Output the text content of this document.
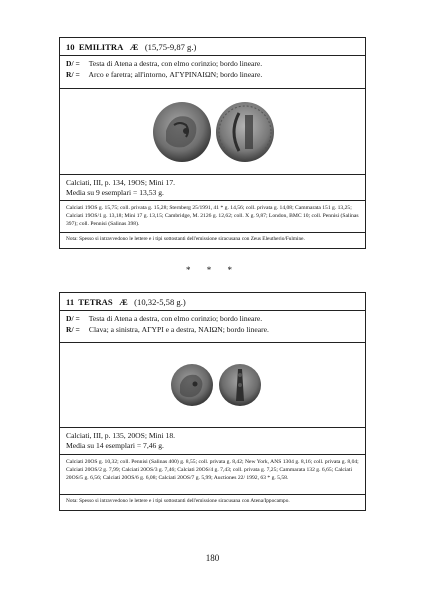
10 EMILITRA Æ (15,75-9,87 g.)
D/ = Testa di Atena a destra, con elmo corinzio; bordo lineare.
R/ = Arco e faretra; all'intorno, ΑΓΥΡΙΝΑΙΩΝ; bordo lineare.
Calciati, III, p. 134, 19OS; Mini 17.
Media su 9 esemplari = 13,53 g.
Calciati 19OS g. 15,75; coll. privata g. 15,28; Sternberg 25/1991, 41 * g. 14,56; coll. privata g. 14,08; Cammarata 151 g. 13,25; Calciati 19OS/1 g. 13,18; Mini 17 g. 13,15; Cambridge, M. 2126 g. 12,62; coll. X g. 9,87; London, BMC 10; coll. Pennisi (Salinas 397); coll. Pennisi (Salinas 398).
Nota: Spesso si intravvedono le lettere e i tipi sottostanti dell'emissione siracusana con Zeus Eleutherio/Fulmine.
* * *
11 TETRAS Æ (10,32-5,58 g.)
D/ = Testa di Atena a destra, con elmo corinzio; bordo lineare.
R/ = Clava; a sinistra, ΑΓΥΡΙ e a destra, ΝΑΙΩΝ; bordo lineare.
Calciati, III, p. 135, 20OS; Mini 18.
Media su 14 esemplari = 7,46 g.
Calciati 20OS g. 10,32; coll. Pennisi (Salinas 400) g. 8,55; coll. privata g. 8,42; New York, ANS 1304 g. 8,16; coll. privata g. 8,04; Calciati 20OS/2 g. 7,99; Calciati 20OS/3 g. 7,46; Calciati 20OS/4 g. 7,43; coll. privata g. 7,25; Cammarata 132 g. 6,65; Calciati 20OS/5 g. 6,56; Calciati 20OS/6 g. 6,08; Calciati 20OS/7 g. 5,99; Auctiones 22/ 1992, 63 * g. 5,58.
Nota: Spesso si intravvedono le lettere e i tipi sottostanti dell'emissione siracusana con Atena/Ippocampo.
180
